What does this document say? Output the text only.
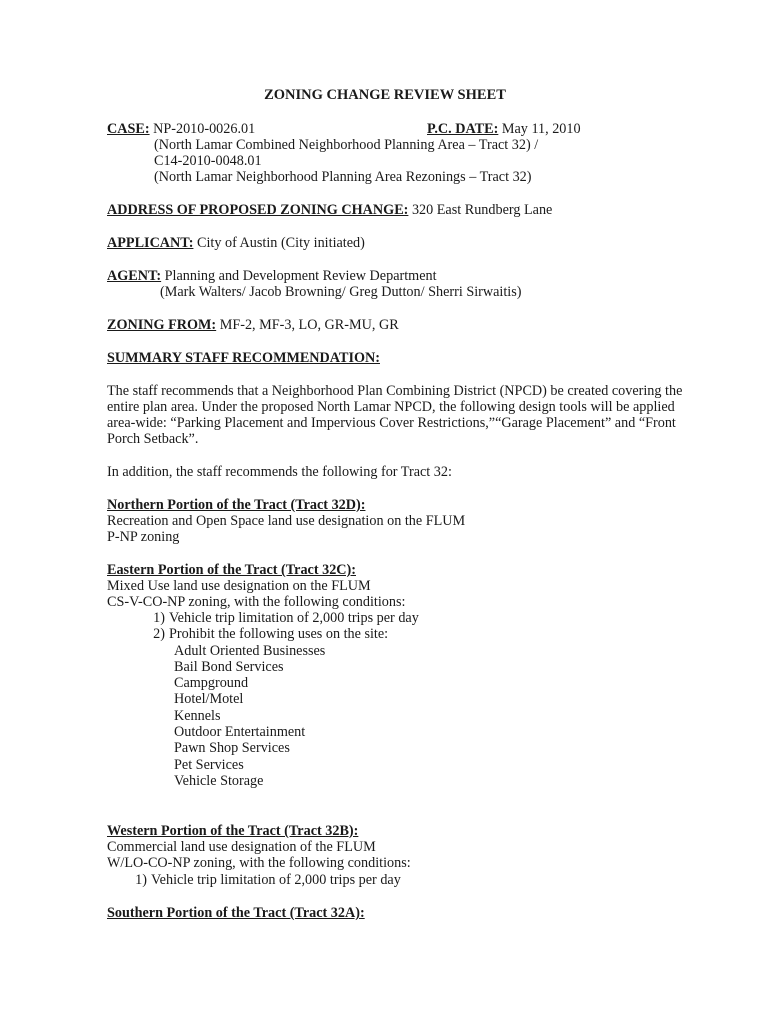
ZONING CHANGE REVIEW SHEET
CASE: NP-2010-0026.01	P.C. DATE: May 11, 2010
(North Lamar Combined Neighborhood Planning Area – Tract 32) /
C14-2010-0048.01
(North Lamar Neighborhood Planning Area Rezonings – Tract 32)
ADDRESS OF PROPOSED ZONING CHANGE: 320 East Rundberg Lane
APPLICANT: City of Austin (City initiated)
AGENT: Planning and Development Review Department
(Mark Walters/ Jacob Browning/ Greg Dutton/ Sherri Sirwaitis)
ZONING FROM: MF-2, MF-3, LO, GR-MU, GR
SUMMARY STAFF RECOMMENDATION:
The staff recommends that a Neighborhood Plan Combining District (NPCD) be created covering the
entire plan area. Under the proposed North Lamar NPCD, the following design tools will be applied
area-wide: “Parking Placement and Impervious Cover Restrictions,”“Garage Placement” and “Front
Porch Setback”.
In addition, the staff recommends the following for Tract 32:
Northern Portion of the Tract (Tract 32D):
Recreation and Open Space land use designation on the FLUM
P-NP zoning
Eastern Portion of the Tract (Tract 32C):
Mixed Use land use designation on the FLUM
CS-V-CO-NP zoning, with the following conditions:
1) Vehicle trip limitation of 2,000 trips per day
2) Prohibit the following uses on the site:
Adult Oriented Businesses
Bail Bond Services
Campground
Hotel/Motel
Kennels
Outdoor Entertainment
Pawn Shop Services
Pet Services
Vehicle Storage
Western Portion of the Tract (Tract 32B):
Commercial land use designation of the FLUM
W/LO-CO-NP zoning, with the following conditions:
1) Vehicle trip limitation of 2,000 trips per day
Southern Portion of the Tract (Tract 32A):
